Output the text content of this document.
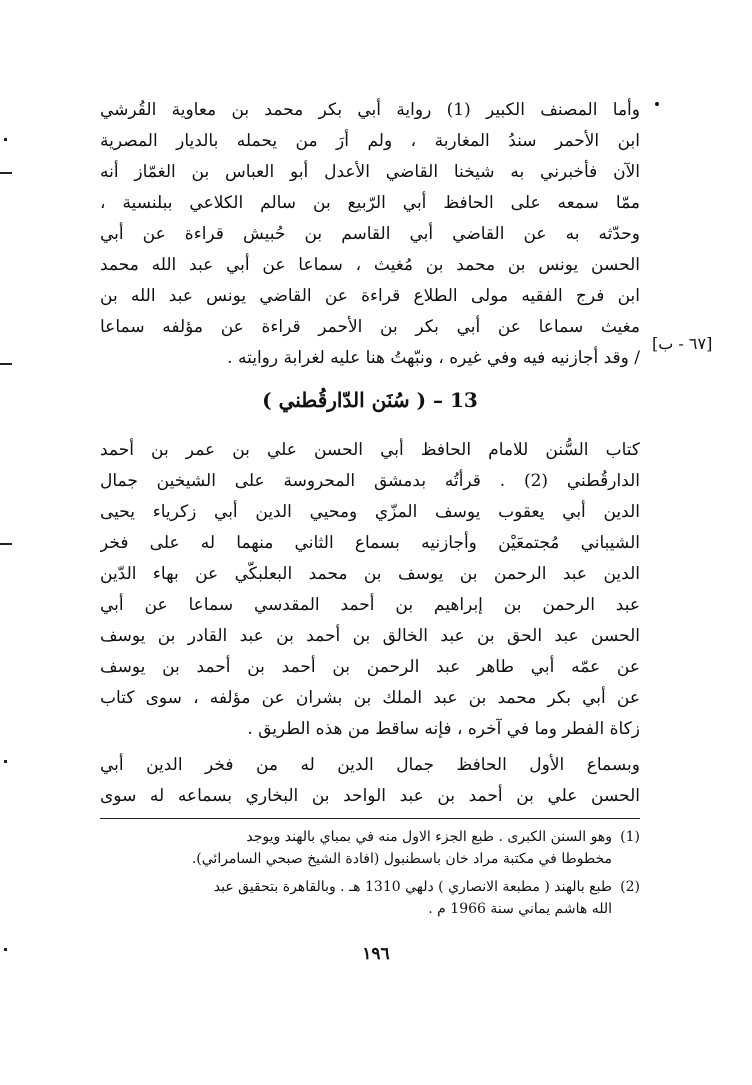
وأما المصنف الكبير (1) رواية أبي بكر محمد بن معاوية القُرشي
ابن الأحمر سندُ المغاربة ، ولم أرَ من يحمله بالديار المصرية
الآن فأخبرني به شيخنا القاضي الأعدل أبو العباس بن الغمّاز أنه
ممّا سمعه على الحافظ أبي الرّبيع بن سالم الكلاعي ببلنسية ،
وحدّثه به عن القاضي أبي القاسم بن حُبيش قراءة عن أبي
الحسن يونس بن محمد بن مُغيث ، سماعا عن أبي عبد الله محمد
ابن فرج الفقيه مولى الطلاع قراءة عن القاضي يونس عبد الله بن
مغيث سماعا عن أبي بكر بن الأحمر قراءة عن مؤلفه سماعا
/ وقد أجازنيه فيه وفي غيره ، ونبّهتُ هنا عليه لغرابة روايته .
[٦٧ - ب]
13 – ( سُنَن الدّارقُطني )
كتاب السُّنن للامام الحافظ أبي الحسن علي بن عمر بن أحمد
الدارقُطني (2) . قرأتُه بدمشق المحروسة على الشيخين جمال
الدين أبي يعقوب يوسف المزّي ومحيي الدين أبي زكرياء يحيى
الشيباني مُجتمعَيْن وأجازنيه بسماع الثاني منهما له على فخر
الدين عبد الرحمن بن يوسف بن محمد البعلبكّي عن بهاء الدّين
عبد الرحمن بن إبراهيم بن أحمد المقدسي سماعا عن أبي
الحسن عبد الحق بن عبد الخالق بن أحمد بن عبد القادر بن يوسف
عن عمّه أبي طاهر عبد الرحمن بن أحمد بن أحمد بن يوسف
عن أبي بكر محمد بن عبد الملك بن بشران عن مؤلفه ، سوى كتاب
زكاة الفطر وما في آخره ، فإنه ساقط من هذه الطريق .
وبسماع الأول الحافظ جمال الدين له من فخر الدين أبي
الحسن علي بن أحمد بن عبد الواحد بن البخاري بسماعه له سوى
(1)
وهو السنن الكبرى . طبع الجزء الاول منه في بمباي بالهند ويوجد
مخطوطا في مكتبة مراد خان باسطنبول (افادة الشيخ صبحي السامرائي).
(2)
طبع بالهند ( مطبعة الانصاري ) دلهي 1310 هـ . وبالقاهرة بتحقيق عبد
الله هاشم يماني سنة 1966 م .
١٩٦
